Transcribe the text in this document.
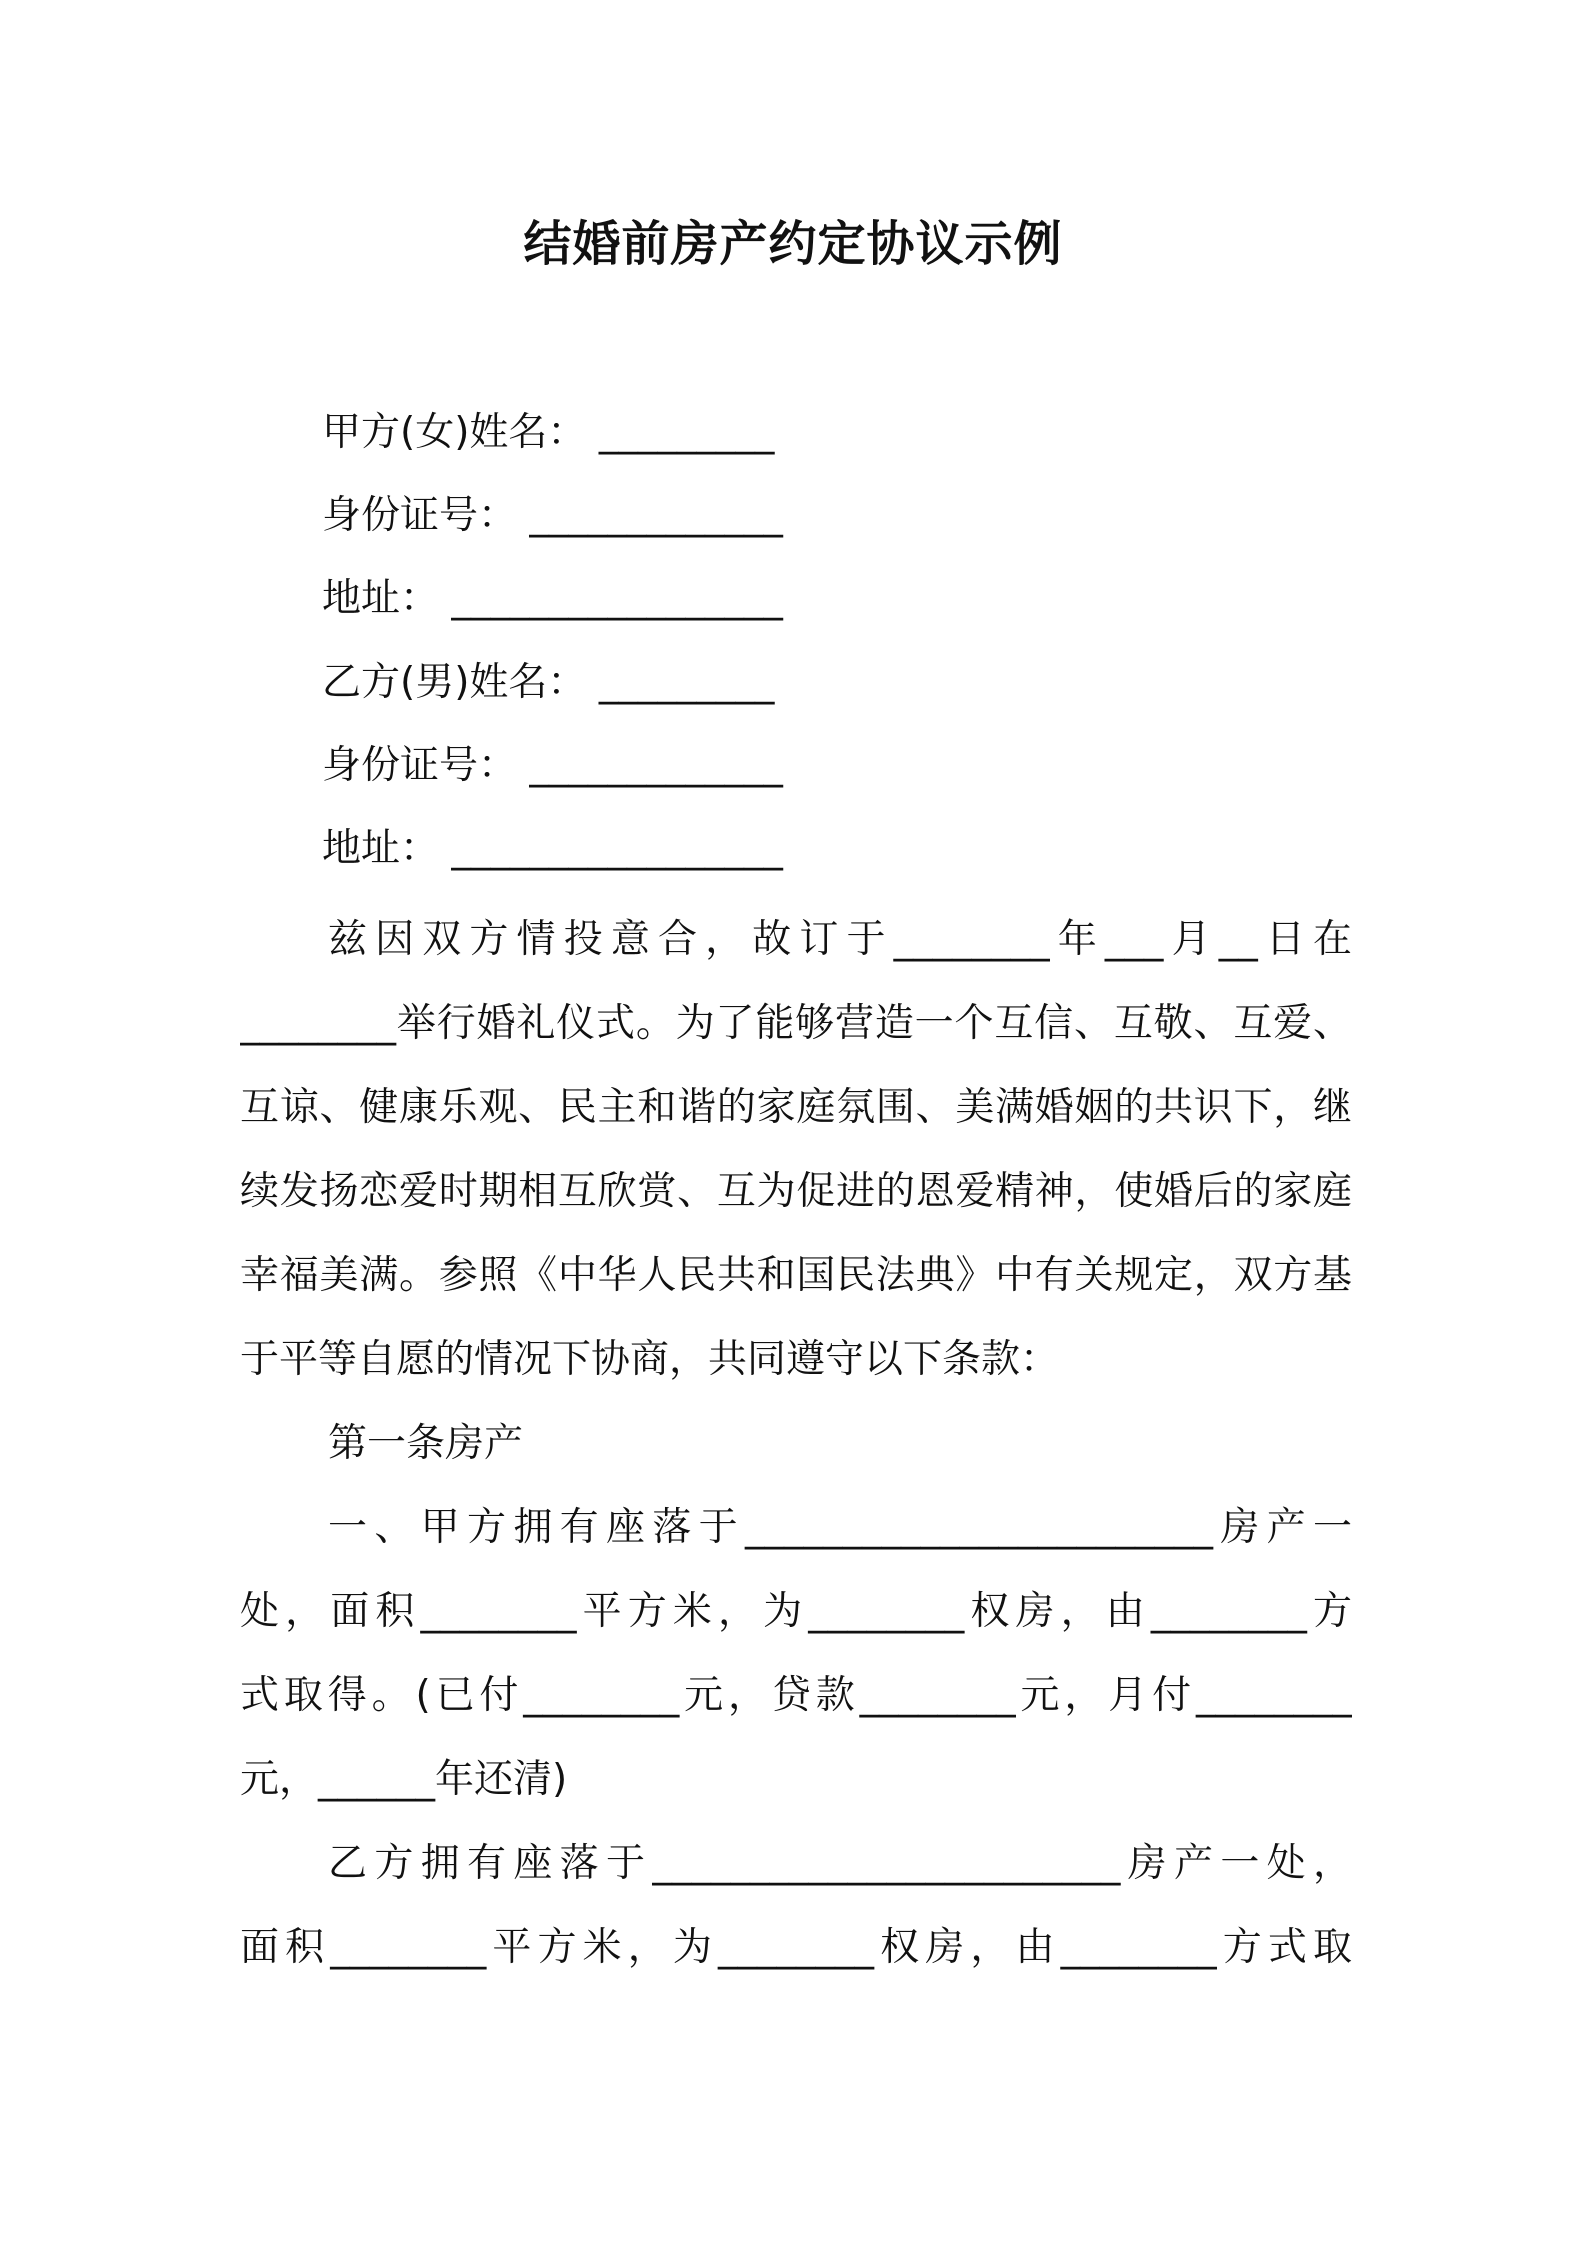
结婚前房产约定协议示例
甲方(女)姓名： _________
身份证号： _____________
地址： _________________
乙方(男)姓名： _________
身份证号： _____________
地址： _________________
兹因双方情投意合，故订于________年___月__日在
________举行婚礼仪式。为了能够营造一个互信、互敬、互爱、
互谅、健康乐观、民主和谐的家庭氛围、美满婚姻的共识下，继
续发扬恋爱时期相互欣赏、互为促进的恩爱精神，使婚后的家庭
幸福美满。参照《中华人民共和国民法典》中有关规定，双方基
于平等自愿的情况下协商，共同遵守以下条款：
第一条房产
一、甲方拥有座落于________________________房产一
处，面积________平方米，为________权房，由________方
式取得。(已付________元，贷款________元，月付________
元，______年还清)
乙方拥有座落于________________________房产一处，
面积________平方米，为________权房，由________方式取
